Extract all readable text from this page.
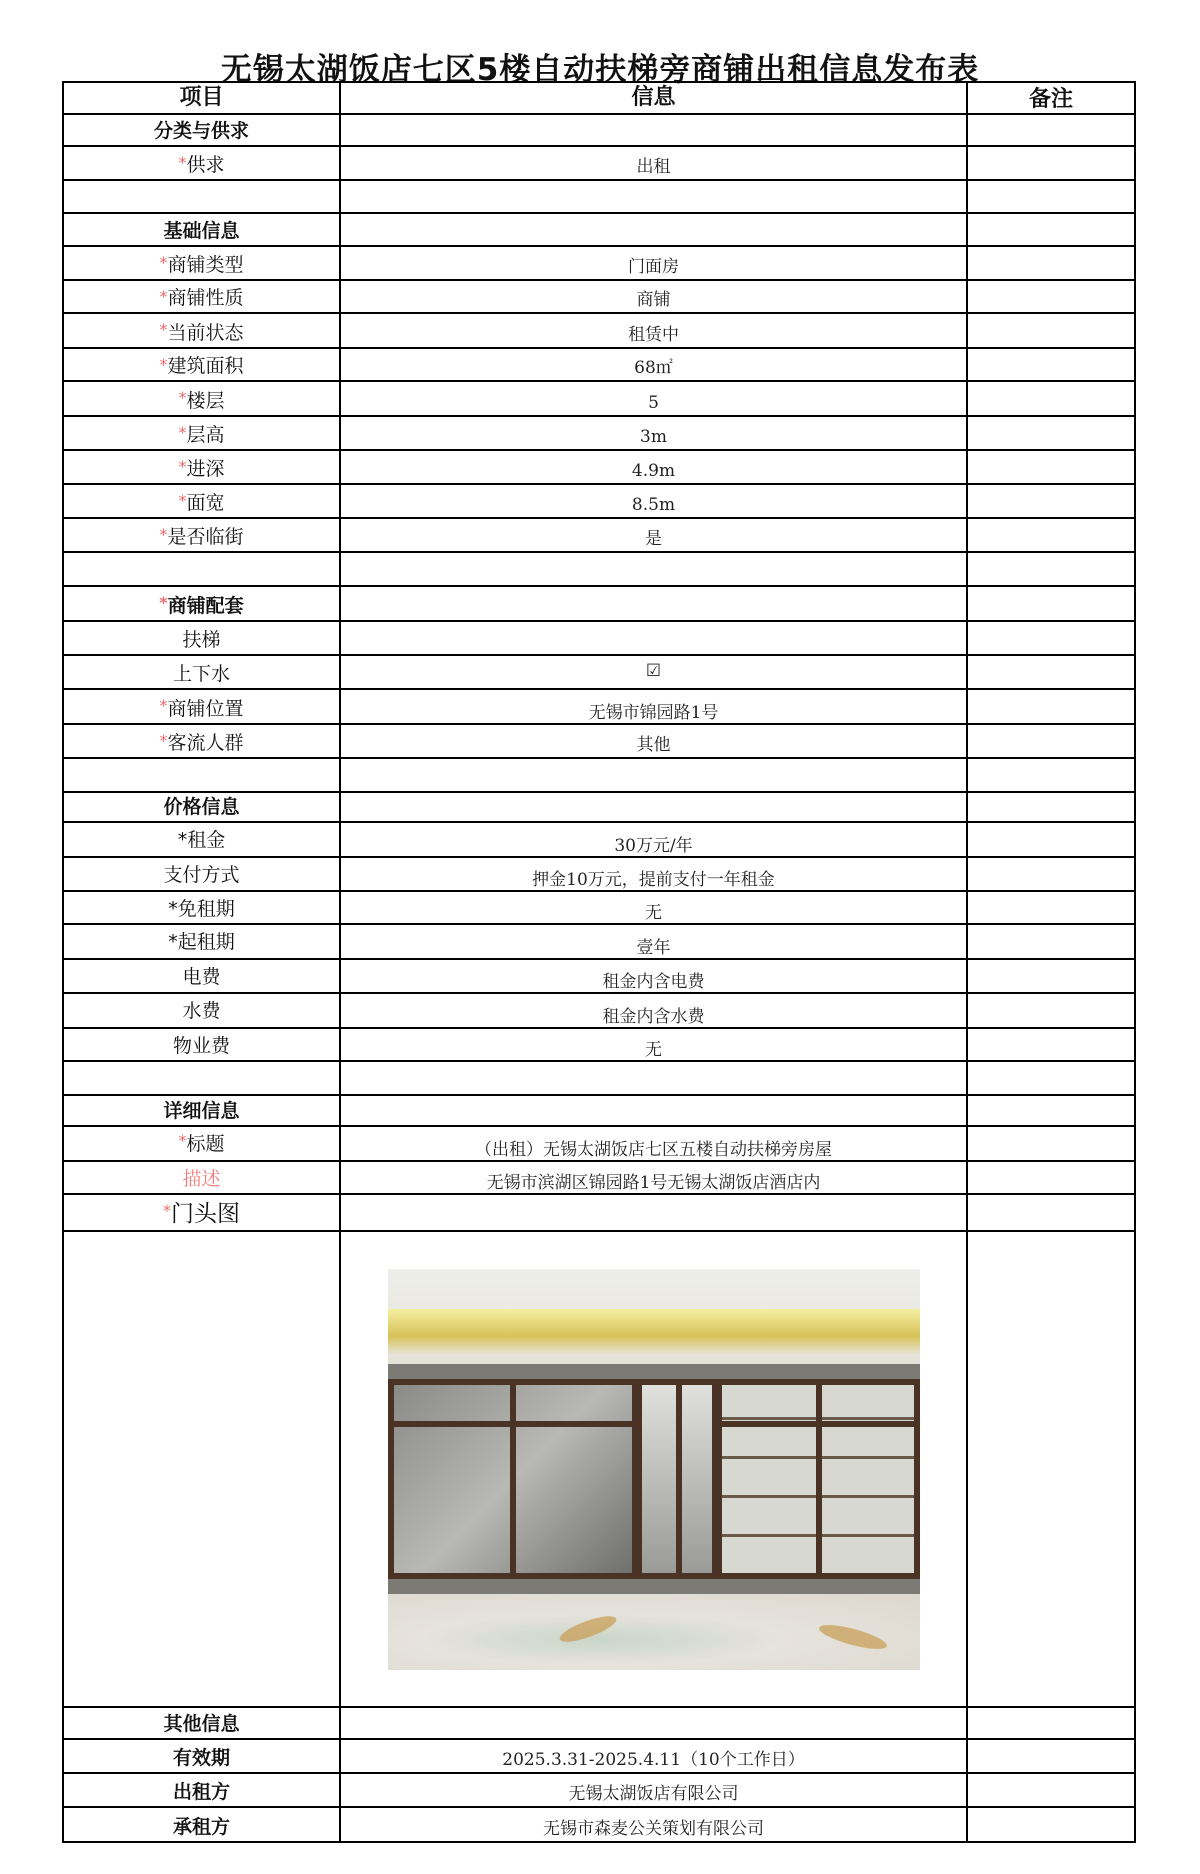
无锡太湖饭店七区5楼自动扶梯旁商铺出租信息发布表
项目	信息	备注
分类与供求
* 供求	出租
基础信息
* 商铺类型	门面房
* 商铺性质	商铺
* 当前状态	租赁中
* 建筑面积	68㎡
* 楼层	5
* 层高	3m
* 进深	4.9m
* 面宽	8.5m
* 是否临街	是
* 商铺配套
扶梯
上下水	☑
* 商铺位置	无锡市锦园路1号
* 客流人群	其他
价格信息
*租金	30万元/年
支付方式	押金10万元，提前支付一年租金
*免租期	无
*起租期	壹年
电费	租金内含电费
水费	租金内含水费
物业费	无
详细信息
* 标题	（出租）无锡太湖饭店七区五楼自动扶梯旁房屋
描述	无锡市滨湖区锦园路1号无锡太湖饭店酒店内
* 门头图
其他信息
有效期	2025.3.31-2025.4.11（10个工作日）
出租方	无锡太湖饭店有限公司
承租方	无锡市森麦公关策划有限公司
